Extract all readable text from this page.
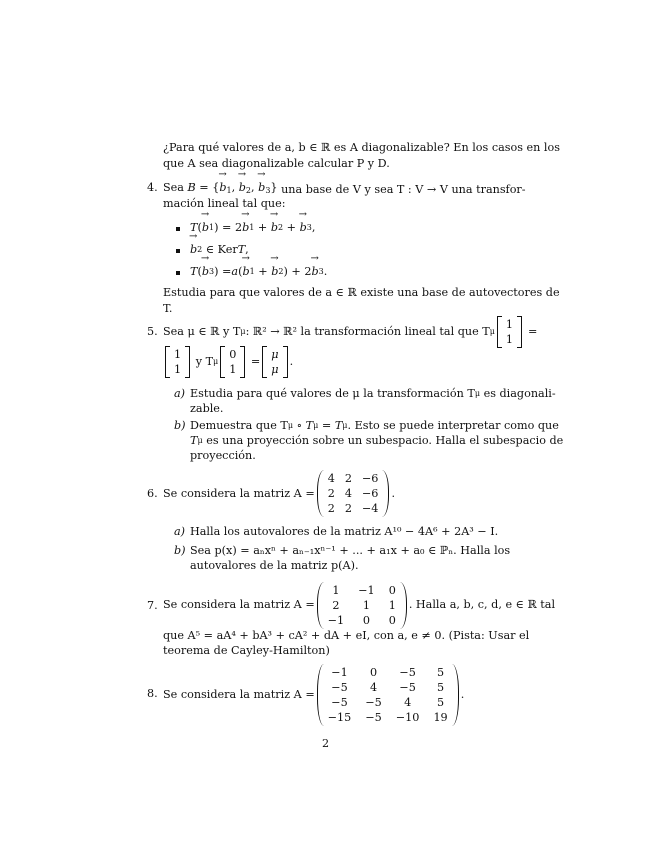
¿Para qué valores de a, b ∈ ℝ es A diagonalizable? En los casos en los
que A sea diagonalizable calcular P y D.
4. Sea B = {→ $b_1$, → $b_2$, → $b_3$} una base de V y sea T : V → V una transfor-
mación lineal tal que:
T ( → b 1 ) = 2 → b 1 + → b 2 + → b 3 ,
→ b 2 ∈ Ker T ,
T ( → b 3 ) = a ( → b 1 + → b 2 ) + 2 → b 3 .
Estudia para que valores de a ∈ ℝ existe una base de autovectores de
T.
5. Sea μ ∈ ℝ y T μ : ℝ² → ℝ² la transformación lineal tal que T μ
1
1
=
1
1

y T μ
0
1
=
μ
μ
.
a) Estudia para qué valores de μ la transformación T μ
es diagonali-
zable.
b) Demuestra que T μ ∘ T μ = T μ . Esto se puede interpretar como que
T μ
es una proyección sobre un subespacio. Halla el subespacio de
proyección.
6. Se considera la matriz A =
4 2 −6
2 4 −6
2 2 −4
.
a) Halla los autovalores de la matriz A¹⁰ − 4A⁶ + 2A³ − I.
b) Sea p(x) = aₙxⁿ + aₙ₋₁xⁿ⁻¹ + ... + a₁x + a₀ ∈ ℙₙ. Halla los
autovalores de la matriz p(A).
7. Se considera la matriz A =
1	−1 0
2	1	1
−1	0	0
. Halla a, b, c, d, e ∈ ℝ tal
que A⁵ = aA⁴ + bA³ + cA² + dA + eI, con a, e ≠ 0. (Pista: Usar el
teorema de Cayley-Hamilton)
8. Se considera la matriz A =
−1	0	−5	5
−5	4	−5	5
−5	−5	4	5
−15 −5 −10 19
.
2
